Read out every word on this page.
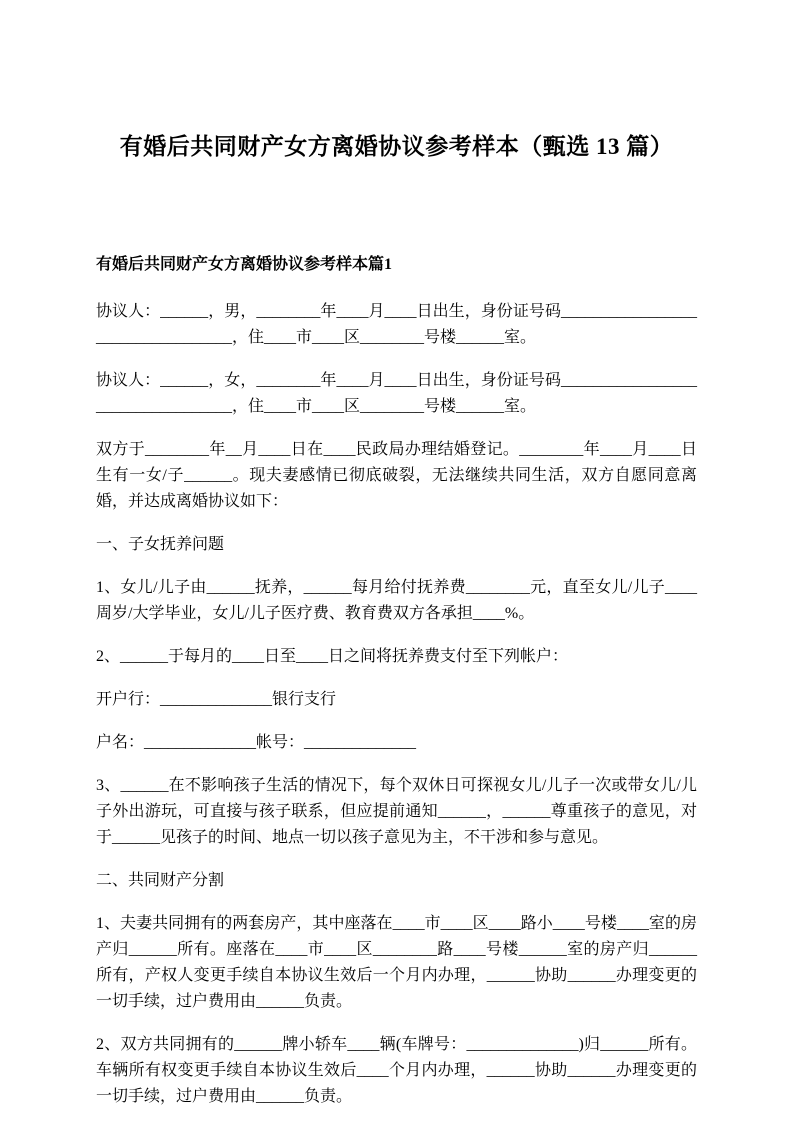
有婚后共同财产女方离婚协议参考样本（甄选 13 篇）
有婚后共同财产女方离婚协议参考样本篇1

协议人：______，男，________年____月____日出生，身份证号码__________________________________，住____市____区________号楼______室。

协议人：______，女，________年____月____日出生，身份证号码__________________________________，住____市____区________号楼______室。

双方于________年__月____日在____民政局办理结婚登记。________年____月____日生有一女/子______。现夫妻感情已彻底破裂，无法继续共同生活，双方自愿同意离婚，并达成离婚协议如下：

一、子女抚养问题

1、女儿/儿子由______抚养，______每月给付抚养费________元，直至女儿/儿子____周岁/大学毕业，女儿/儿子医疗费、教育费双方各承担____%。

2、______于每月的____日至____日之间将抚养费支付至下列帐户：

开户行：______________银行支行

户名：______________帐号：______________

3、______在不影响孩子生活的情况下，每个双休日可探视女儿/儿子一次或带女儿/儿子外出游玩，可直接与孩子联系，但应提前通知______，______尊重孩子的意见，对于______见孩子的时间、地点一切以孩子意见为主，不干涉和参与意见。

二、共同财产分割

1、夫妻共同拥有的两套房产，其中座落在____市____区____路小____号楼____室的房产归______所有。座落在____市____区________路____号楼______室的房产归______所有，产权人变更手续自本协议生效后一个月内办理，______协助______办理变更的一切手续，过户费用由______负责。

2、双方共同拥有的______牌小轿车____辆(车牌号：______________)归______所有。车辆所有权变更手续自本协议生效后____个月内办理，______协助______办理变更的一切手续，过户费用由______负责。
